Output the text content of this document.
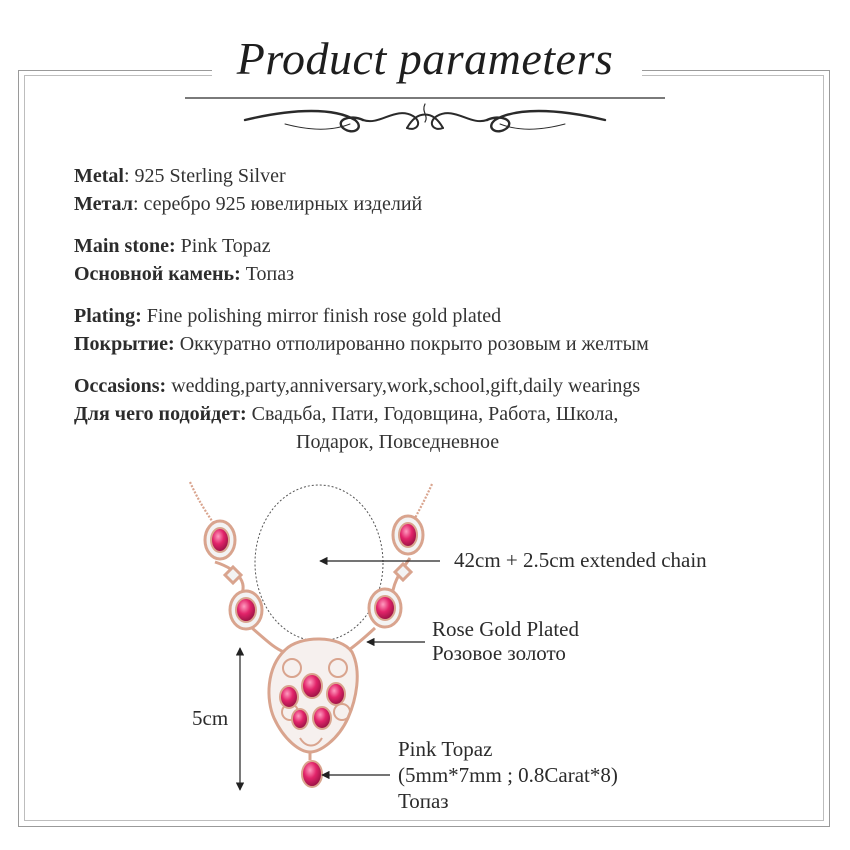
Product parameters
Metal: 925 Sterling Silver
Метал: серебро 925 ювелирных изделий
Main stone: Pink Topaz
Основной камень: Топаз
Plating: Fine polishing mirror finish rose gold plated
Покрытие: Оккуратно отполированно покрыто розовым и желтым
Occasions: wedding,party,anniversary,work,school,gift,daily wearings
Для чего подойдет: Свадьба, Пати, Годовщина, Работа, Школа,
Подарок, Повседневное
42cm + 2.5cm extended chain
Rose Gold Plated
Розовое золото
5cm
Pink Topaz
(5mm*7mm ; 0.8Carat*8)
Топаз
